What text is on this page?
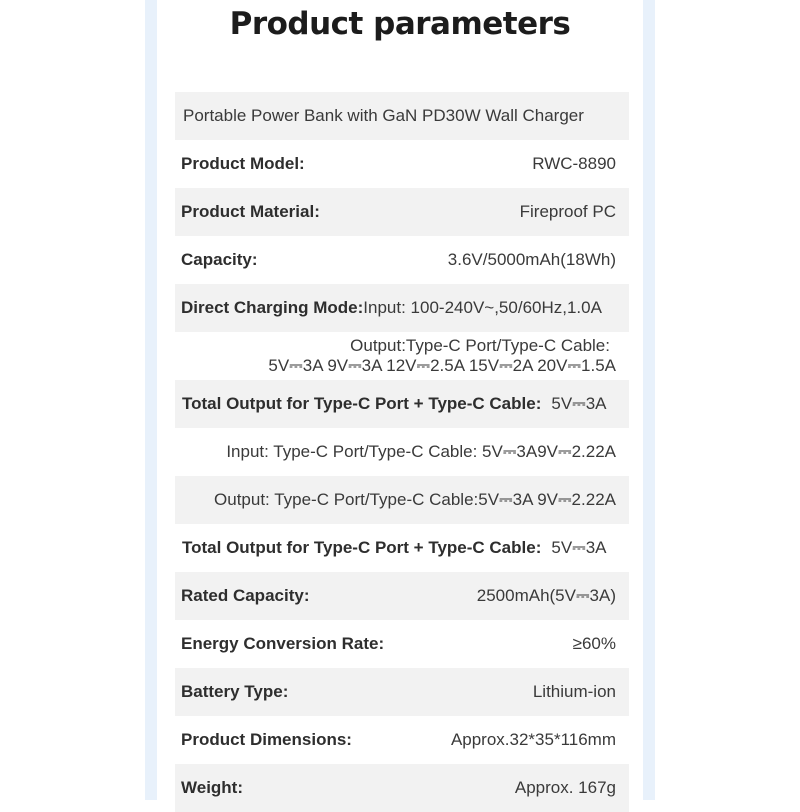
Product parameters
Portable Power Bank with GaN PD30W Wall Charger
Product Model:	RWC-8890
Product Material:	Fireproof PC
Capacity:	3.6V/5000mAh(18Wh)
Direct Charging Mode: Input: 100-240V~,50/60Hz,1.0A
Output:Type-C Port/Type-C Cable:
5V⎓3A 9V⎓3A 12V⎓2.5A 15V⎓2A 20V⎓1.5A
Total Output for Type-C Port + Type-C Cable: 5V⎓3A
Input: Type-C Port/Type-C Cable: 5V⎓3A9V⎓2.22A
Output: Type-C Port/Type-C Cable:5V⎓3A 9V⎓2.22A
Total Output for Type-C Port + Type-C Cable: 5V⎓3A
Rated Capacity:	2500mAh(5V⎓3A)
Energy Conversion Rate:	≥60%
Battery Type:	Lithium-ion
Product Dimensions:	Approx.32*35*116mm
Weight:	Approx. 167g
